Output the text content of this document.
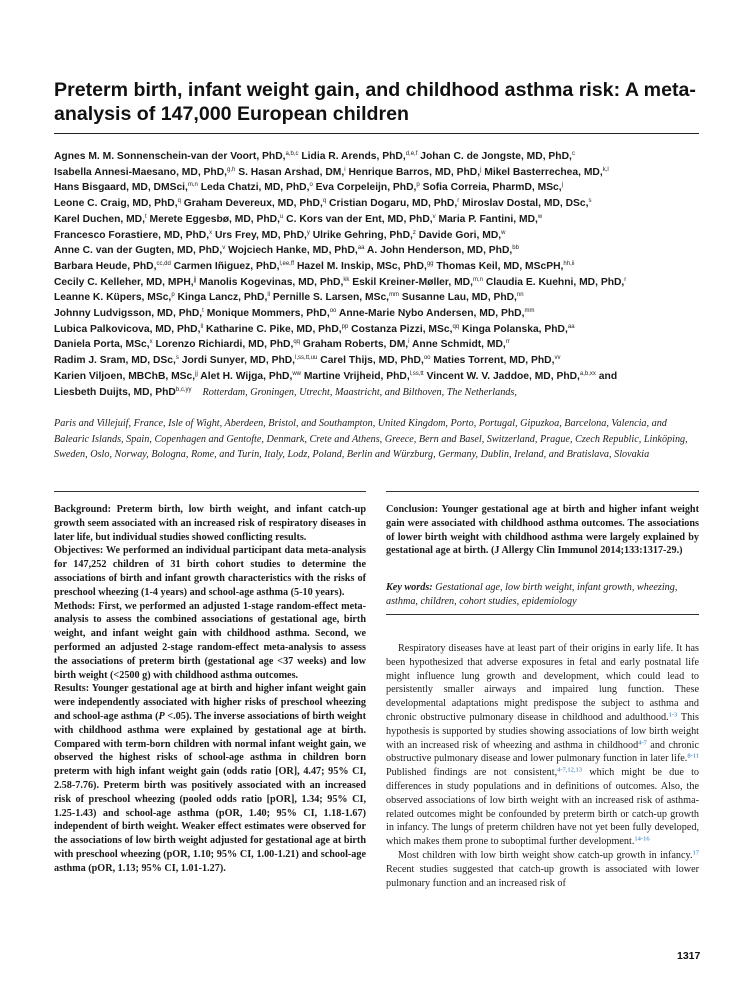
Preterm birth, infant weight gain, and childhood asthma risk: A meta-analysis of 147,000 European children
Agnes M. M. Sonnenschein-van der Voort, PhD,$^{a,b,c}$ Lidia R. Arends, PhD,$^{d,e,f}$ Johan C. de Jongste, MD, PhD,$^c$
Isabella Annesi-Maesano, MD, PhD,$^{g,h}$ S. Hasan Arshad, DM,$^i$ Henrique Barros, MD, PhD,$^j$ Mikel Basterrechea, MD,$^{k,l}$
Hans Bisgaard, MD, DMSci,$^{m,n}$ Leda Chatzi, MD, PhD,$^o$ Eva Corpeleijn, PhD,$^p$ Sofia Correia, PharmD, MSc,$^j$
Leone C. Craig, MD, PhD,$^q$ Graham Devereux, MD, PhD,$^q$ Cristian Dogaru, MD, PhD,$^r$ Miroslav Dostal, MD, DSc,$^s$
Karel Duchen, MD,$^t$ Merete Eggesbø, MD, PhD,$^u$ C. Kors van der Ent, MD, PhD,$^v$ Maria P. Fantini, MD,$^w$
Francesco Forastiere, MD, PhD,$^x$ Urs Frey, MD, PhD,$^y$ Ulrike Gehring, PhD,$^z$ Davide Gori, MD,$^w$
Anne C. van der Gugten, MD, PhD,$^v$ Wojciech Hanke, MD, PhD,$^{aa}$ A. John Henderson, MD, PhD,$^{bb}$
Barbara Heude, PhD,$^{cc,dd}$ Carmen Iñiguez, PhD,$^{l,ee,ff}$ Hazel M. Inskip, MSc, PhD,$^{gg}$ Thomas Keil, MD, MScPH,$^{hh,ii}$
Cecily C. Kelleher, MD, MPH,$^{jj}$ Manolis Kogevinas, MD, PhD,$^{kk}$ Eskil Kreiner-Møller, MD,$^{m,n}$ Claudia E. Kuehni, MD, PhD,$^r$
Leanne K. Küpers, MSc,$^p$ Kinga Lancz, PhD,$^{ll}$ Pernille S. Larsen, MSc,$^{mm}$ Susanne Lau, MD, PhD,$^{nn}$
Johnny Ludvigsson, MD, PhD,$^t$ Monique Mommers, PhD,$^{oo}$ Anne-Marie Nybo Andersen, MD, PhD,$^{mm}$
Lubica Palkovicova, MD, PhD,$^{ll}$ Katharine C. Pike, MD, PhD,$^{pp}$ Costanza Pizzi, MSc,$^{qq}$ Kinga Polanska, PhD,$^{aa}$
Daniela Porta, MSc,$^x$ Lorenzo Richiardi, MD, PhD,$^{qq}$ Graham Roberts, DM,$^i$ Anne Schmidt, MD,$^{rr}$
Radim J. Sram, MD, DSc,$^s$ Jordi Sunyer, MD, PhD,$^{l,ss,tt,uu}$ Carel Thijs, MD, PhD,$^{oo}$ Maties Torrent, MD, PhD,$^{vv}$
Karien Viljoen, MBChB, MSc,$^{jj}$ Alet H. Wijga, PhD,$^{ww}$ Martine Vrijheid, PhD,$^{l,ss,tt}$ Vincent W. V. Jaddoe, MD, PhD,$^{a,b,xx}$ and
Liesbeth Duijts, MD, PhD$^{b,c,yy}$ Rotterdam, Groningen, Utrecht, Maastricht, and Bilthoven, The Netherlands,
Paris and Villejuif, France, Isle of Wight, Aberdeen, Bristol, and Southampton, United Kingdom, Porto, Portugal, Gipuzkoa, Barcelona, Valencia, and Balearic Islands, Spain, Copenhagen and Gentofte, Denmark, Crete and Athens, Greece, Bern and Basel, Switzerland, Prague, Czech Republic, Linköping, Sweden, Oslo, Norway, Bologna, Rome, and Turin, Italy, Lodz, Poland, Berlin and Würzburg, Germany, Dublin, Ireland, and Bratislava, Slovakia

Background: Preterm birth, low birth weight, and infant catch-up growth seem associated with an increased risk of respiratory diseases in later life, but individual studies showed conflicting results.

Objectives: We performed an individual participant data meta-analysis for 147,252 children of 31 birth cohort studies to determine the associations of birth and infant growth characteristics with the risks of preschool wheezing (1-4 years) and school-age asthma (5-10 years).

Methods: First, we performed an adjusted 1-stage random-effect meta-analysis to assess the combined associations of gestational age, birth weight, and infant weight gain with childhood asthma. Second, we performed an adjusted 2-stage random-effect meta-analysis to assess the associations of preterm birth (gestational age <37 weeks) and low birth weight (<2500 g) with childhood asthma outcomes.

Results: Younger gestational age at birth and higher infant weight gain were independently associated with higher risks of preschool wheezing and school-age asthma (P <.05). The inverse associations of birth weight with childhood asthma were explained by gestational age at birth. Compared with term-born children with normal infant weight gain, we observed the highest risks of school-age asthma in children born preterm with high infant weight gain (odds ratio [OR], 4.47; 95% CI, 2.58-7.76). Preterm birth was positively associated with an increased risk of preschool wheezing (pooled odds ratio [pOR], 1.34; 95% CI, 1.25-1.43) and school-age asthma (pOR, 1.40; 95% CI, 1.18-1.67) independent of birth weight. Weaker effect estimates were observed for the associations of low birth weight adjusted for gestational age at birth with preschool wheezing (pOR, 1.10; 95% CI, 1.00-1.21) and school-age asthma (pOR, 1.13; 95% CI, 1.01-1.27).

Conclusion: Younger gestational age at birth and higher infant weight gain were associated with childhood asthma outcomes. The associations of lower birth weight with childhood asthma were largely explained by gestational age at birth. (J Allergy Clin Immunol 2014;133:1317-29.)

Key words: Gestational age, low birth weight, infant growth, wheezing, asthma, children, cohort studies, epidemiology

Respiratory diseases have at least part of their origins in early life. It has been hypothesized that adverse exposures in fetal and early postnatal life might influence lung growth and development, which could lead to persistently smaller airways and impaired lung function. These developmental adaptations might predispose the subject to asthma and chronic obstructive pulmonary disease in childhood and adulthood.$^{1-3}$ This hypothesis is supported by studies showing associations of low birth weight with an increased risk of wheezing and asthma in childhood$^{4-7}$ and chronic obstructive pulmonary disease and lower pulmonary function in later life.$^{8-11}$ Published findings are not consistent,$^{4-7,12,13}$ which might be due to differences in study populations and in definitions of outcomes. Also, the observed associations of low birth weight with an increased risk of asthma-related outcomes might be confounded by preterm birth or catch-up growth in infancy. The lungs of preterm children have not yet been fully developed, which makes them prone to suboptimal further development.$^{14-16}$

Most children with low birth weight show catch-up growth in infancy.$^{17}$ Recent studies suggested that catch-up growth is associated with lower pulmonary function and an increased risk of

1317
